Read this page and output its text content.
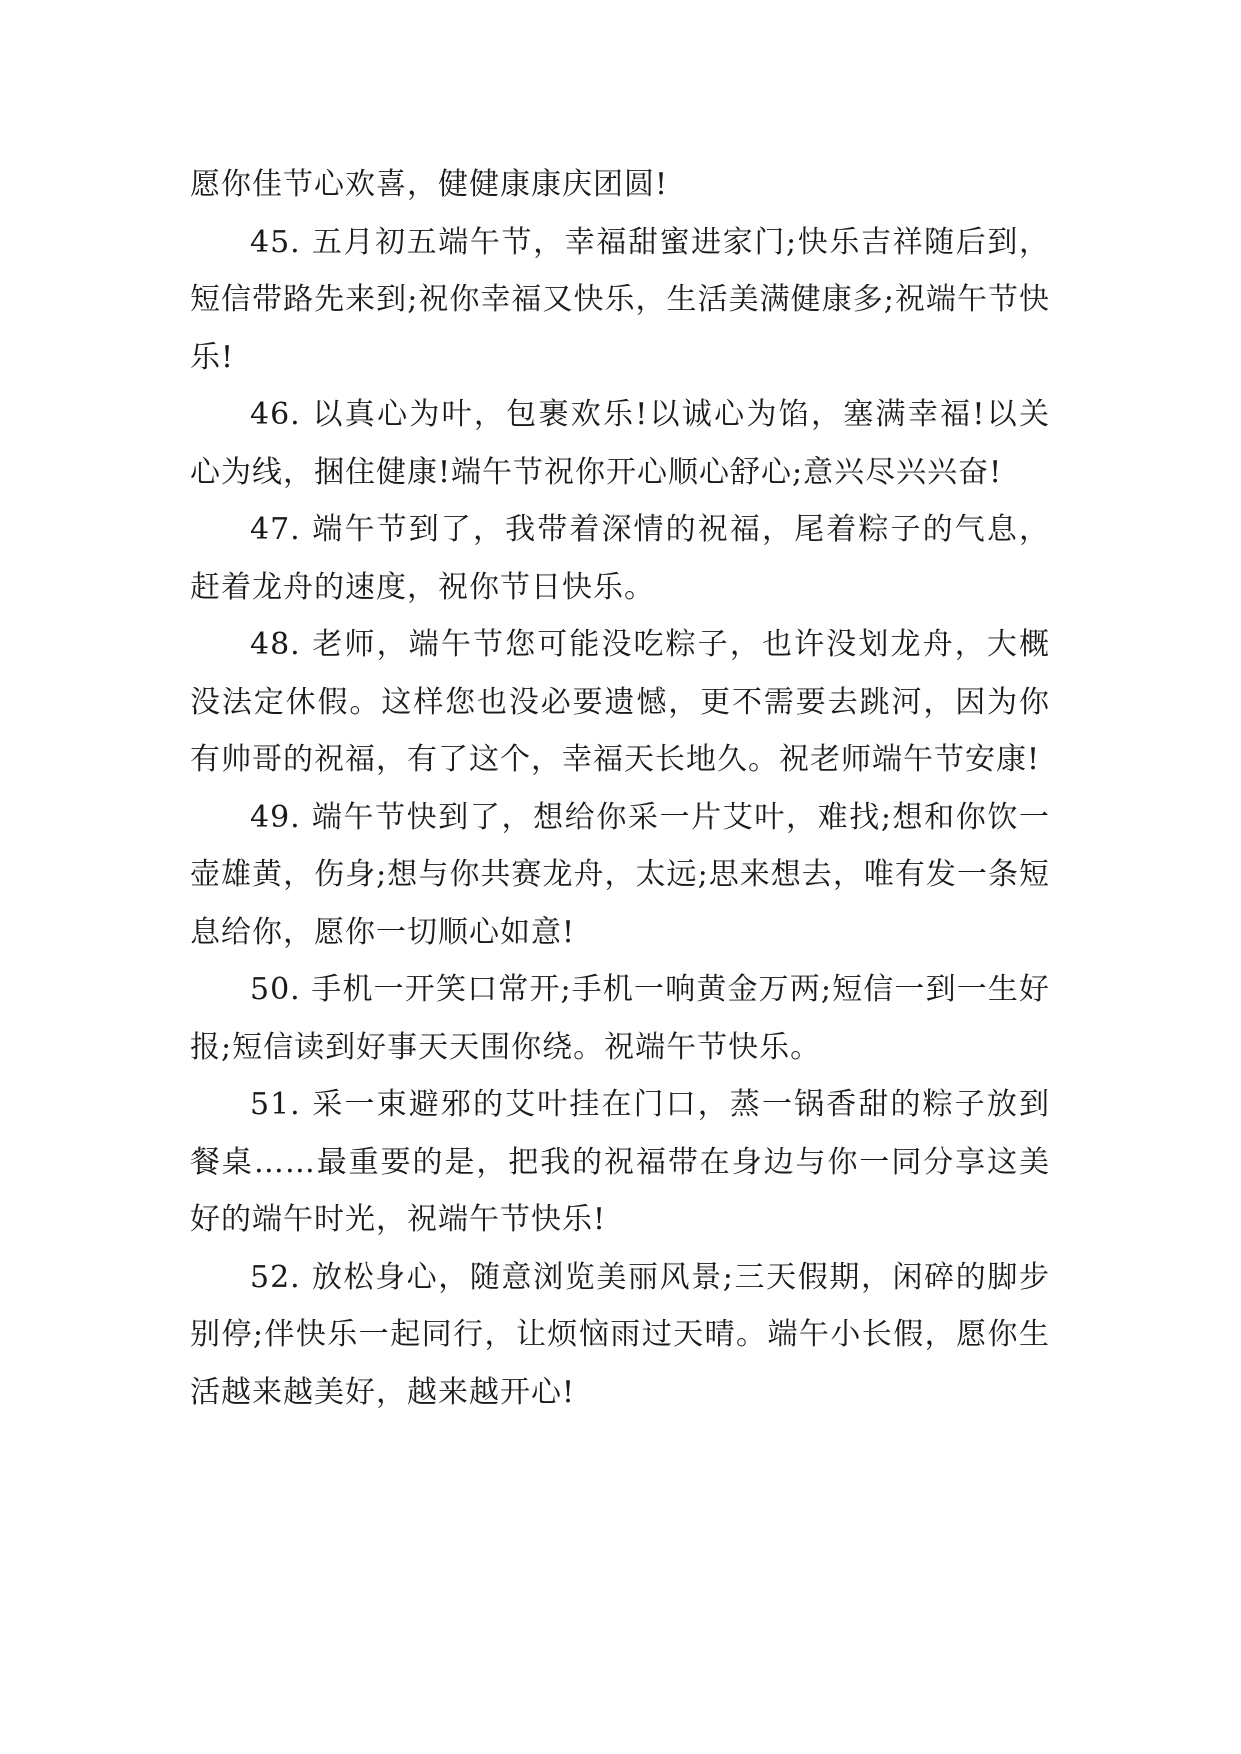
愿你佳节心欢喜，健健康康庆团圆!

45. 五月初五端午节，幸福甜蜜进家门;快乐吉祥随后到，短信带路先来到;祝你幸福又快乐，生活美满健康多;祝端午节快乐!

46. 以真心为叶，包裹欢乐!以诚心为馅，塞满幸福!以关心为线，捆住健康!端午节祝你开心顺心舒心;意兴尽兴兴奋!

47. 端午节到了，我带着深情的祝福，尾着粽子的气息，赶着龙舟的速度，祝你节日快乐。

48. 老师，端午节您可能没吃粽子，也许没划龙舟，大概没法定休假。这样您也没必要遗憾，更不需要去跳河，因为你有帅哥的祝福，有了这个，幸福天长地久。祝老师端午节安康!

49. 端午节快到了，想给你采一片艾叶，难找;想和你饮一壶雄黄，伤身;想与你共赛龙舟，太远;思来想去，唯有发一条短息给你，愿你一切顺心如意!

50. 手机一开笑口常开;手机一响黄金万两;短信一到一生好报;短信读到好事天天围你绕。祝端午节快乐。

51. 采一束避邪的艾叶挂在门口，蒸一锅香甜的粽子放到餐桌……最重要的是，把我的祝福带在身边与你一同分享这美好的端午时光，祝端午节快乐!

52. 放松身心，随意浏览美丽风景;三天假期，闲碎的脚步别停;伴快乐一起同行，让烦恼雨过天晴。端午小长假，愿你生活越来越美好，越来越开心!
